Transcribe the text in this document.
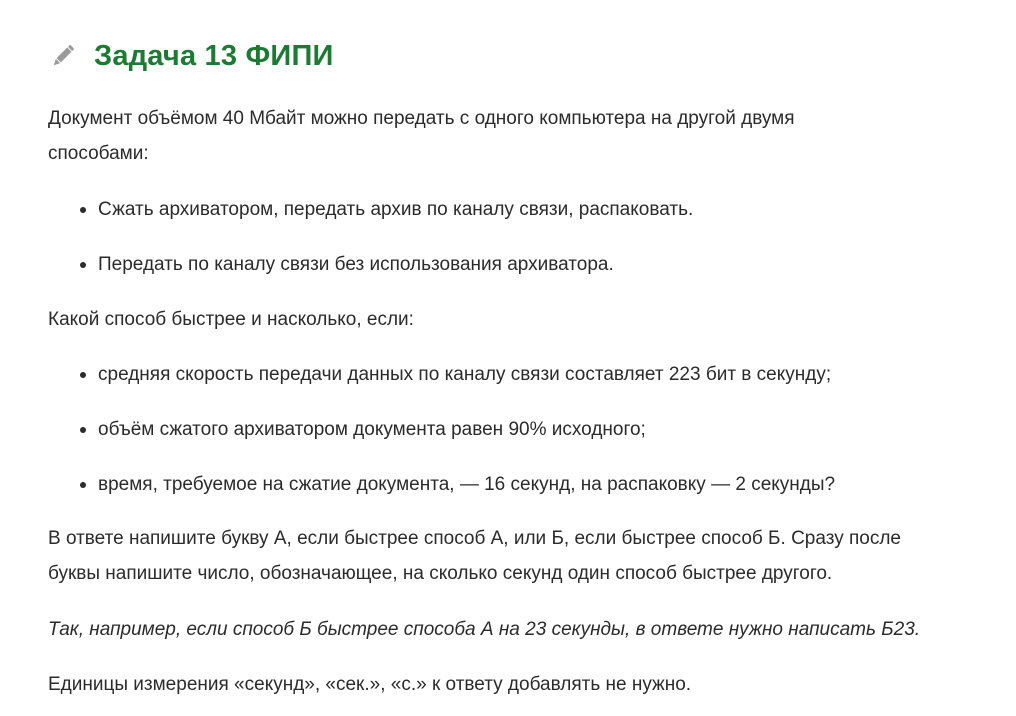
Задача 13 ФИПИ
Документ объёмом 40 Мбайт можно передать с одного компьютера на другой двумя способами:
Сжать архиватором, передать архив по каналу связи, распаковать.
Передать по каналу связи без использования архиватора.
Какой способ быстрее и насколько, если:
средняя скорость передачи данных по каналу связи составляет 223 бит в секунду;
объём сжатого архиватором документа равен 90% исходного;
время, требуемое на сжатие документа, — 16 секунд, на распаковку — 2 секунды?
В ответе напишите букву А, если быстрее способ А, или Б, если быстрее способ Б. Сразу после буквы напишите число, обозначающее, на сколько секунд один способ быстрее другого.
Так, например, если способ Б быстрее способа А на 23 секунды, в ответе нужно написать Б23.
Единицы измерения «секунд», «сек.», «с.» к ответу добавлять не нужно.
